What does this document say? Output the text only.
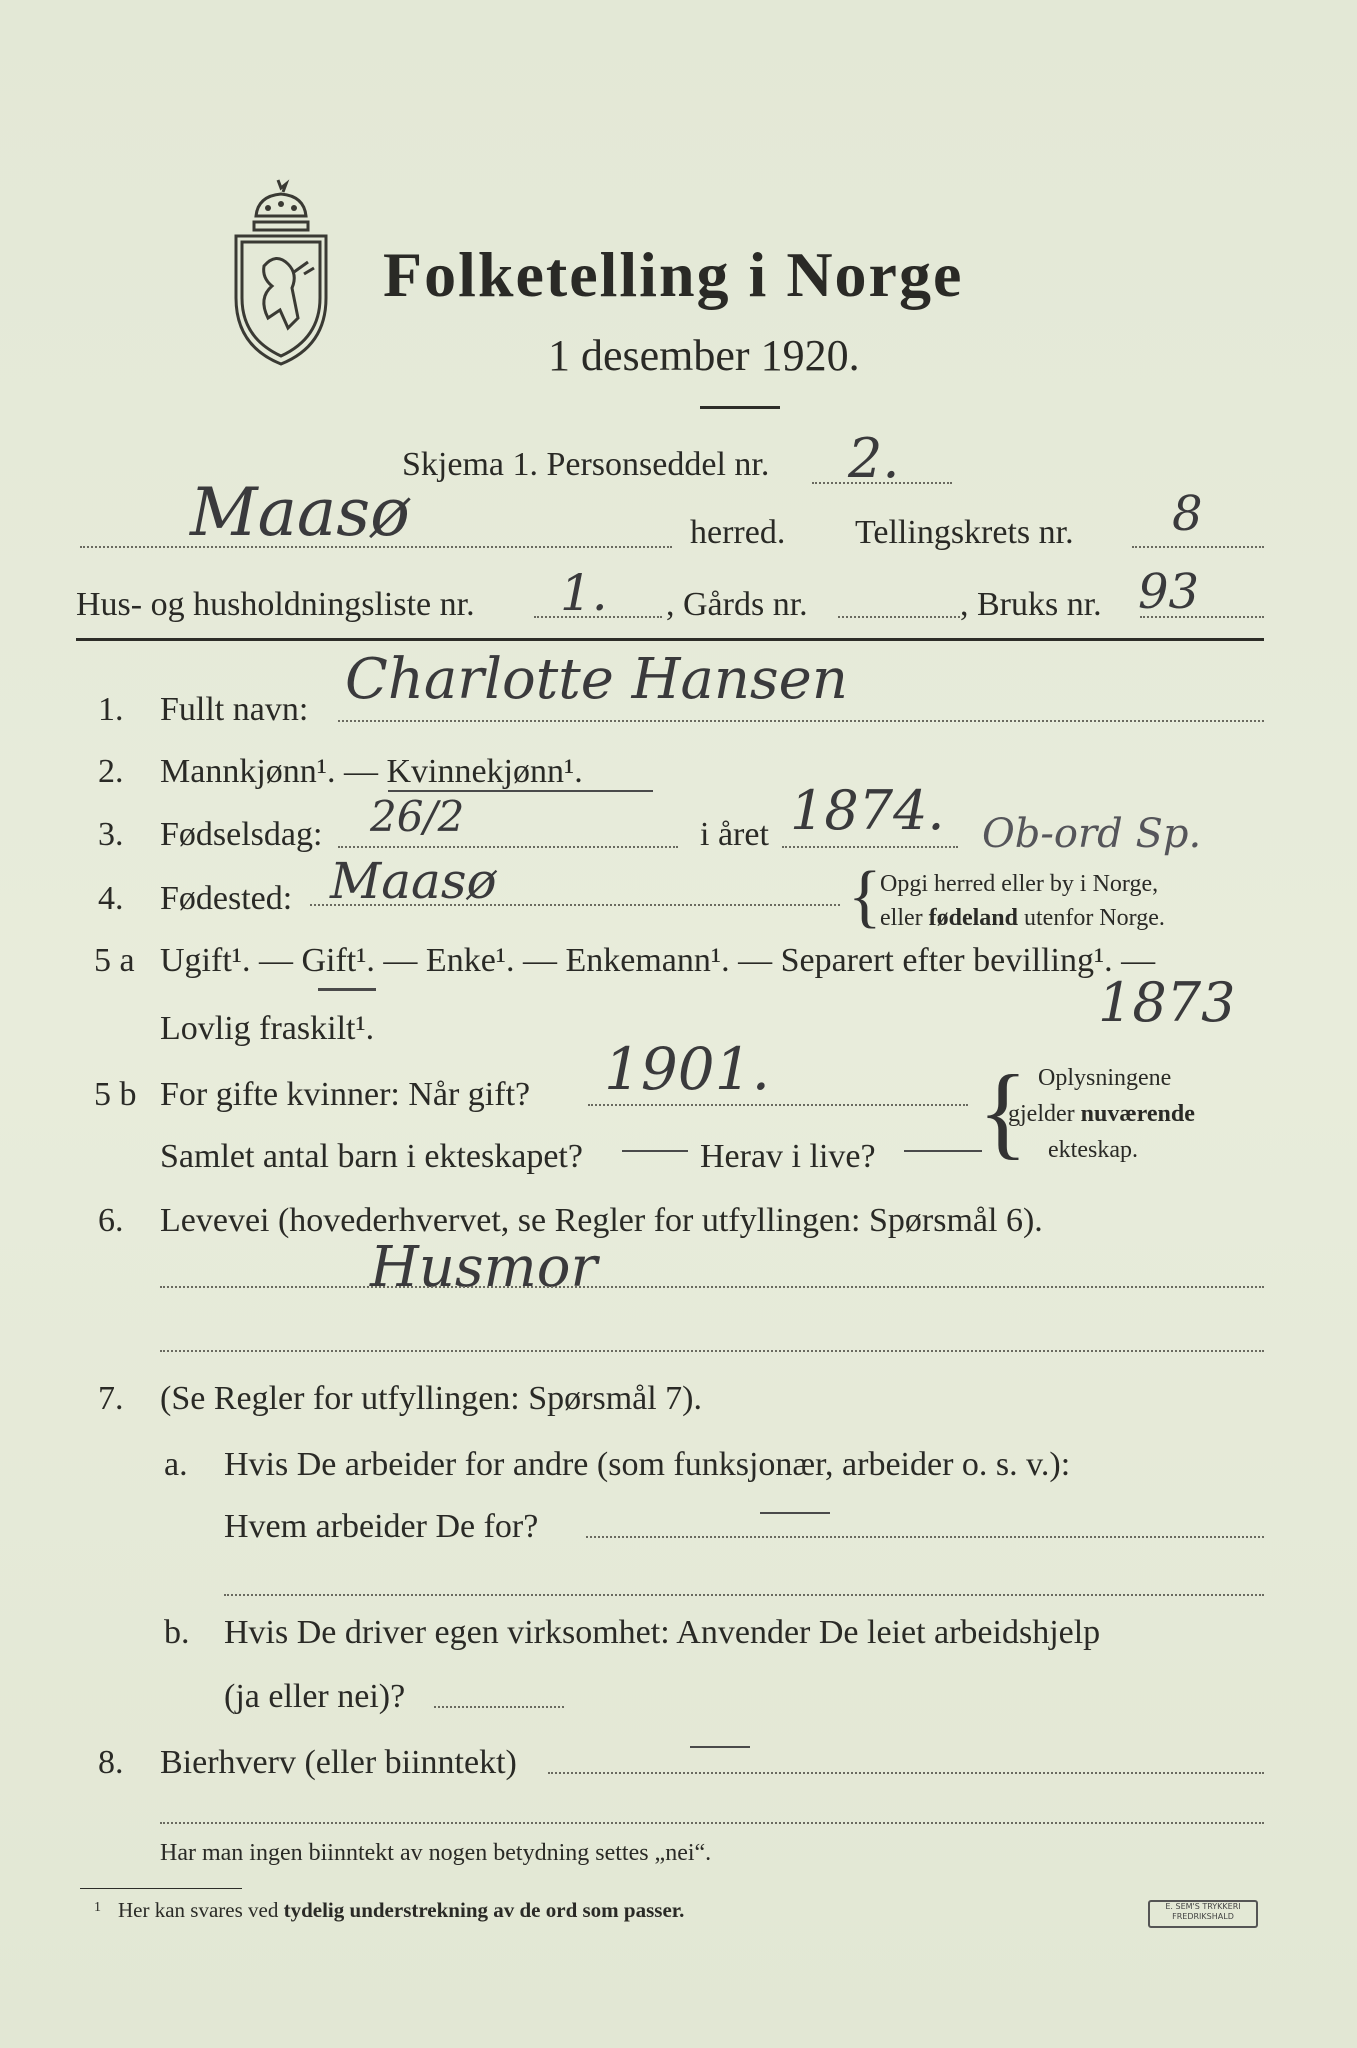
Folketelling i Norge
1 desember 1920.
Skjema 1. Personseddel nr. 2.
Maasø	herred. Tellingskrets nr. 8
Hus- og husholdningsliste nr. 1. , Gårds nr.	, Bruks nr. 93
1. Fullt navn: Charlotte Hansen
2. Mannkjønn¹. — Kvinnekjønn¹.
3. Fødselsdag: 26/2	i året 1874. Ob-ord Sp.
4. Fødested: Maasø	{
Opgi herred eller by i Norge,
eller fødeland utenfor Norge.
5 a Ugift¹. — Gift¹. — Enke¹. — Enkemann¹. — Separert efter bevilling¹. —
Lovlig fraskilt¹.	1873
5 b For gifte kvinner: Når gift? 1901.
Samlet antal barn i ekteskapet?	Herav i live? { Oplysningene
gjelder nuværende
ekteskap.
6. Levevei (hovederhvervet, se Regler for utfyllingen: Spørsmål 6).
Husmor
7. (Se Regler for utfyllingen: Spørsmål 7).
a. Hvis De arbeider for andre (som funksjonær, arbeider o. s. v.):
Hvem arbeider De for?
b. Hvis De driver egen virksomhet: Anvender De leiet arbeidshjelp
(ja eller nei)?
8. Bierhverv (eller biinntekt)
Har man ingen biinntekt av nogen betydning settes „nei“.
1 Her kan svares ved tydelig understrekning av de ord som passer.	E. SEM'S TRYKKERI
FREDRIKSHALD
